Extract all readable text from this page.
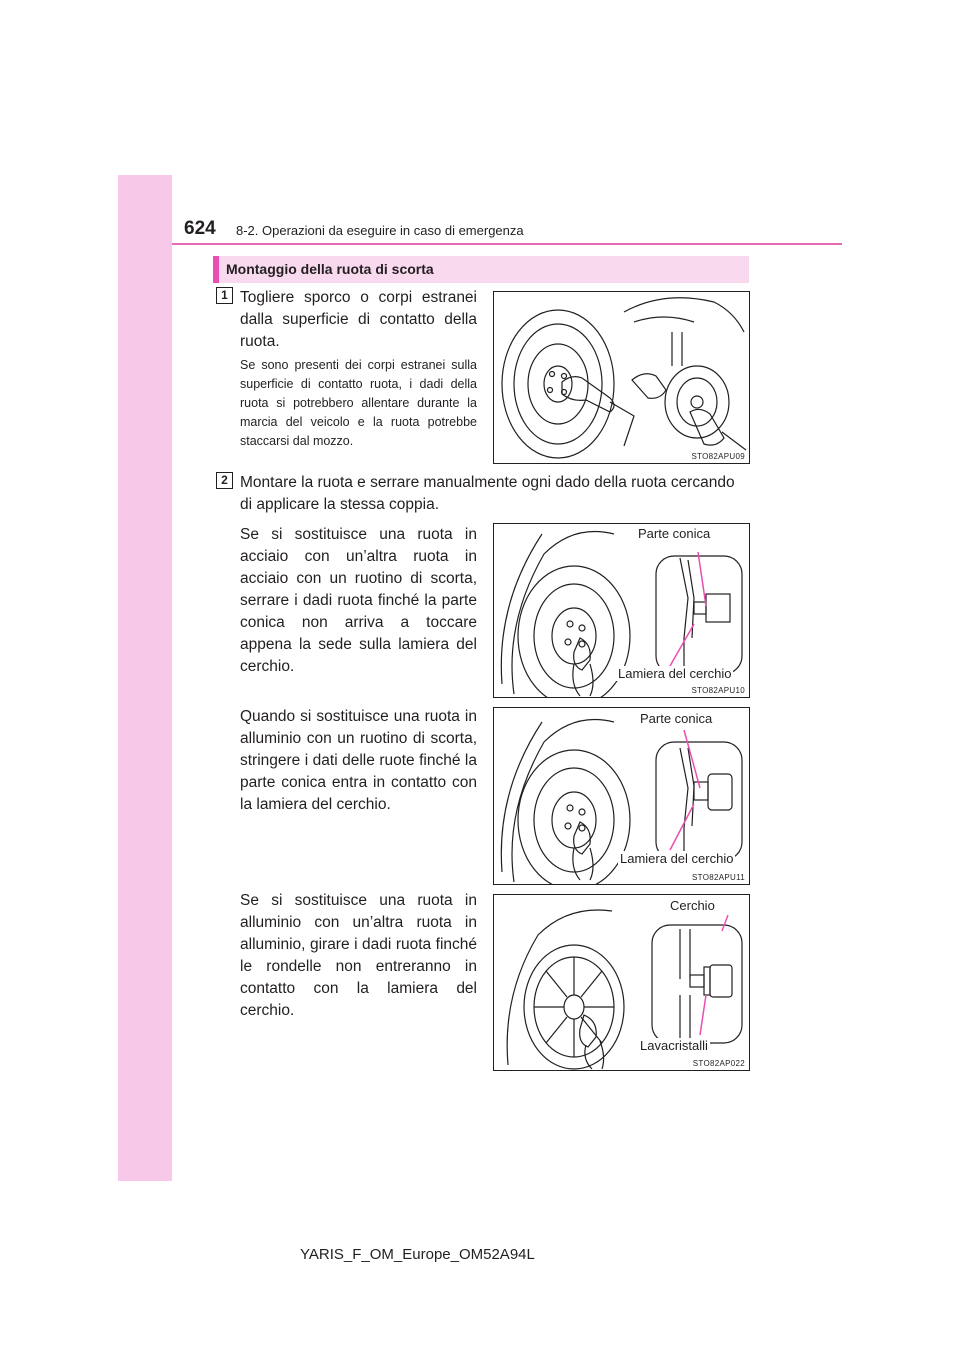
624 8-2. Operazioni da eseguire in caso di emergenza
Montaggio della ruota di scorta
1 Togliere sporco o corpi estranei dalla superficie di contatto della ruota.
Se sono presenti dei corpi estranei sulla superficie di contatto ruota, i dadi della ruota si potrebbero allentare durante la marcia del veicolo e la ruota potrebbe staccarsi dal mozzo.
STO82APU09
2 Montare la ruota e serrare manualmente ogni dado della ruota cercando di applicare la stessa coppia.
Se si sostituisce una ruota in acciaio con un’altra ruota in acciaio con un ruotino di scorta, serrare i dadi ruota finché la parte conica non arriva a toccare appena la sede sulla lamiera del cerchio.
Parte conica
Lamiera del cerchio
STO82APU10
Quando si sostituisce una ruota in alluminio con un ruotino di scorta, stringere i dati delle ruote finché la parte conica entra in contatto con la lamiera del cerchio.
Parte conica
Lamiera del cerchio
STO82APU11
Se si sostituisce una ruota in alluminio con un’altra ruota in alluminio, girare i dadi ruota finché le rondelle non entreranno in contatto con la lamiera del cerchio.
Cerchio
Lavacristalli
STO82AP022
YARIS_F_OM_Europe_OM52A94L
